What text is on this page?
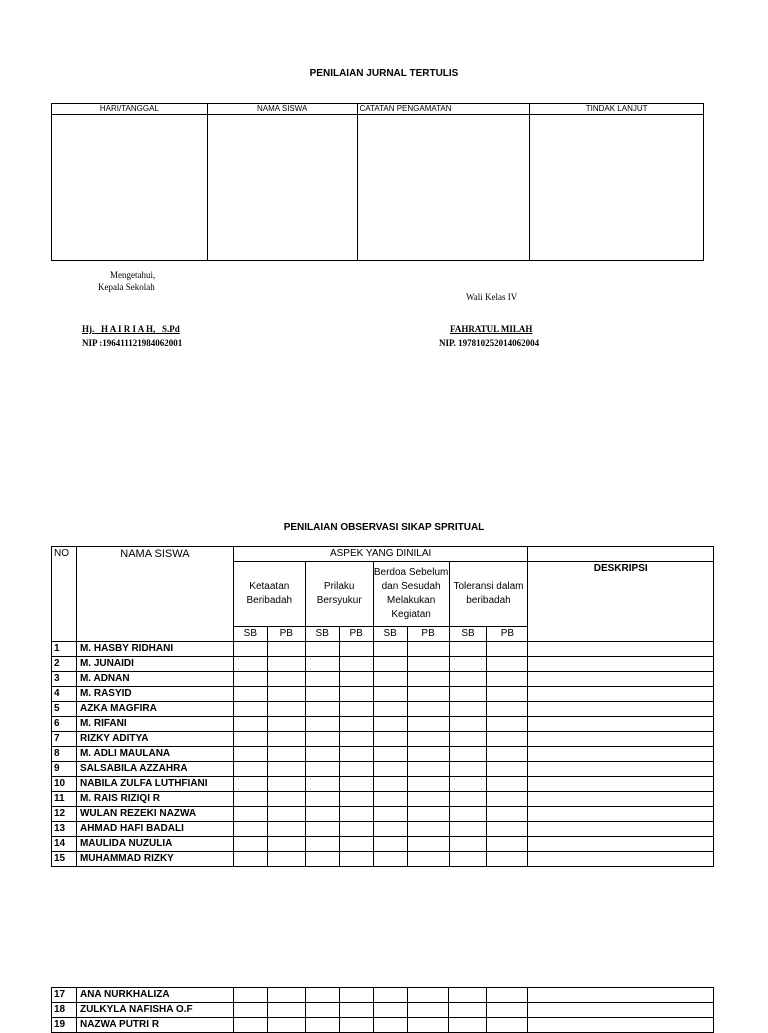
PENILAIAN JURNAL TERTULIS
HARI/TANGGAL	NAMA SISWA	CATATAN PENGAMATAN	TINDAK LANJUT

Mengetahui,
Kepala Sekolah
Wali Kelas IV
Hj.   H A I R I A H,   S.Pd	FAHRATUL MILAH
NIP :196411121984062001	NIP. 197810252014062004
PENILAIAN OBSERVASI SIKAP SPRITUAL
NO	NAMA SISWA	ASPEK YANG DINILAI								
		Ketaatan Beribadah		Prilaku Bersyukur		Berdoa Sebelum dan Sesudah Melakukan Kegiatan		Toleransi dalam beribadah		DESKRIPSI
		SB	PB	SB	PB	SB	PB	SB	PB	
1	M. HASBY RIDHANI									
2	M. JUNAIDI									
3	M. ADNAN									
4	M. RASYID									
5	AZKA MAGFIRA									
6	M. RIFANI									
7	RIZKY ADITYA									
8	M. ADLI MAULANA									
9	SALSABILA AZZAHRA									
10	NABILA ZULFA LUTHFIANI									
11	M. RAIS RIZIQI R									
12	WULAN REZEKI NAZWA									
13	AHMAD HAFI BADALI									
14	MAULIDA NUZULIA									
15	MUHAMMAD RIZKY									
17	ANA NURKHALIZA									
18	ZULKYLA NAFISHA O.F									
19	NAZWA PUTRI R									
